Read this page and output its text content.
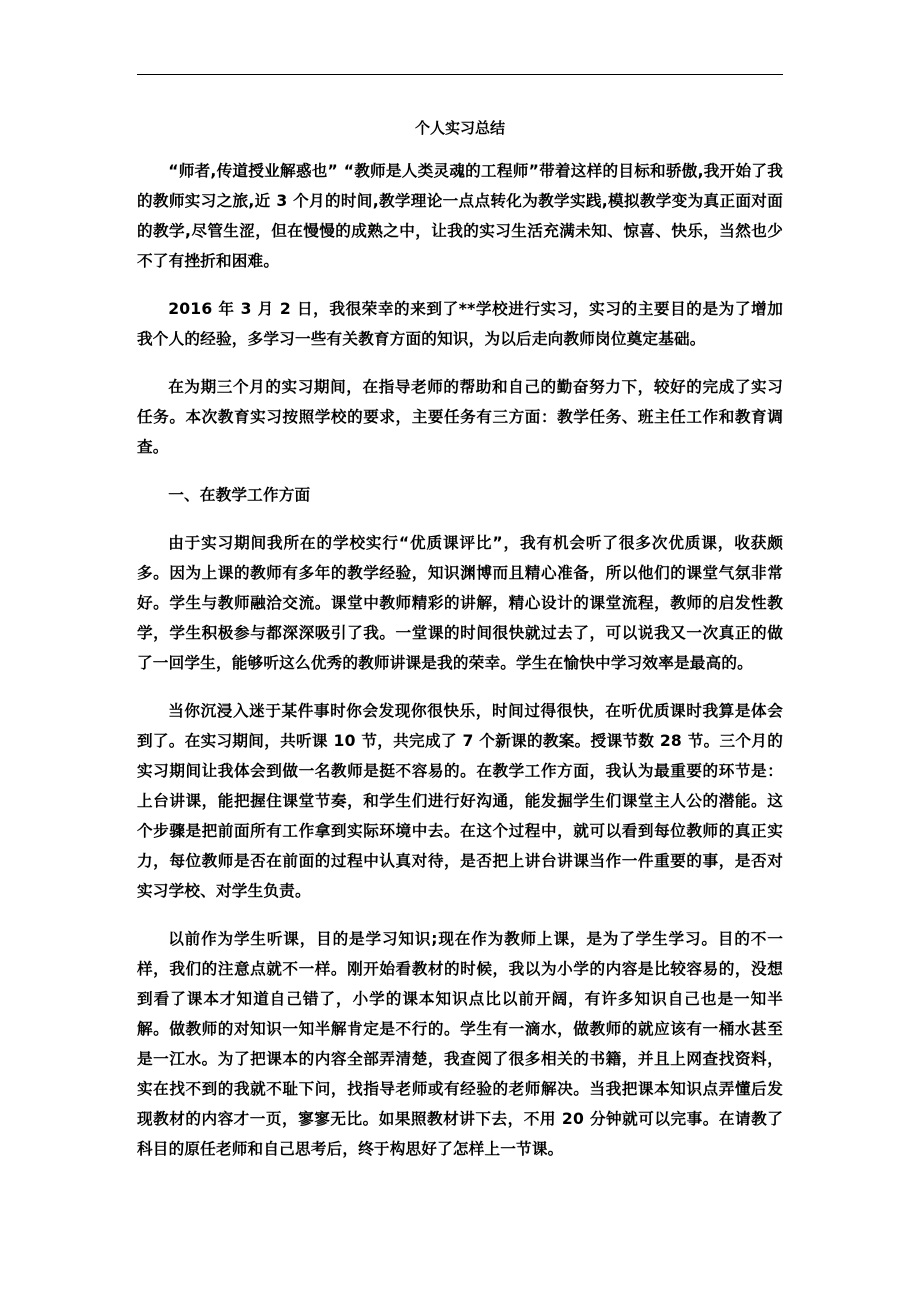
个人实习总结

“师者,传道授业解惑也” “教师是人类灵魂的工程师”带着这样的目标和骄傲,我开始了我的教师实习之旅,近 3 个月的时间,教学理论一点点转化为教学实践,模拟教学变为真正面对面的教学,尽管生涩，但在慢慢的成熟之中，让我的实习生活充满未知、惊喜、快乐，当然也少不了有挫折和困难。

2016 年 3 月 2 日，我很荣幸的来到了**学校进行实习，实习的主要目的是为了增加我个人的经验，多学习一些有关教育方面的知识，为以后走向教师岗位奠定基础。

在为期三个月的实习期间，在指导老师的帮助和自己的勤奋努力下，较好的完成了实习任务。本次教育实习按照学校的要求，主要任务有三方面：教学任务、班主任工作和教育调查。

一、在教学工作方面

由于实习期间我所在的学校实行“优质课评比”，我有机会听了很多次优质课，收获颇多。因为上课的教师有多年的教学经验，知识渊博而且精心准备，所以他们的课堂气氛非常好。学生与教师融洽交流。课堂中教师精彩的讲解，精心设计的课堂流程，教师的启发性教学，学生积极参与都深深吸引了我。一堂课的时间很快就过去了，可以说我又一次真正的做了一回学生，能够听这么优秀的教师讲课是我的荣幸。学生在愉快中学习效率是最高的。

当你沉浸入迷于某件事时你会发现你很快乐，时间过得很快，在听优质课时我算是体会到了。在实习期间，共听课 10 节，共完成了 7 个新课的教案。授课节数 28 节。三个月的实习期间让我体会到做一名教师是挺不容易的。在教学工作方面，我认为最重要的环节是：上台讲课，能把握住课堂节奏，和学生们进行好沟通，能发掘学生们课堂主人公的潜能。这个步骤是把前面所有工作拿到实际环境中去。在这个过程中，就可以看到每位教师的真正实力，每位教师是否在前面的过程中认真对待，是否把上讲台讲课当作一件重要的事，是否对实习学校、对学生负责。

以前作为学生听课，目的是学习知识;现在作为教师上课，是为了学生学习。目的不一样，我们的注意点就不一样。刚开始看教材的时候，我以为小学的内容是比较容易的，没想到看了课本才知道自己错了，小学的课本知识点比以前开阔，有许多知识自己也是一知半解。做教师的对知识一知半解肯定是不行的。学生有一滴水，做教师的就应该有一桶水甚至是一江水。为了把课本的内容全部弄清楚，我查阅了很多相关的书籍，并且上网查找资料，实在找不到的我就不耻下问，找指导老师或有经验的老师解决。当我把课本知识点弄懂后发现教材的内容才一页，寥寥无比。如果照教材讲下去，不用 20 分钟就可以完事。在请教了科目的原任老师和自己思考后，终于构思好了怎样上一节课。
